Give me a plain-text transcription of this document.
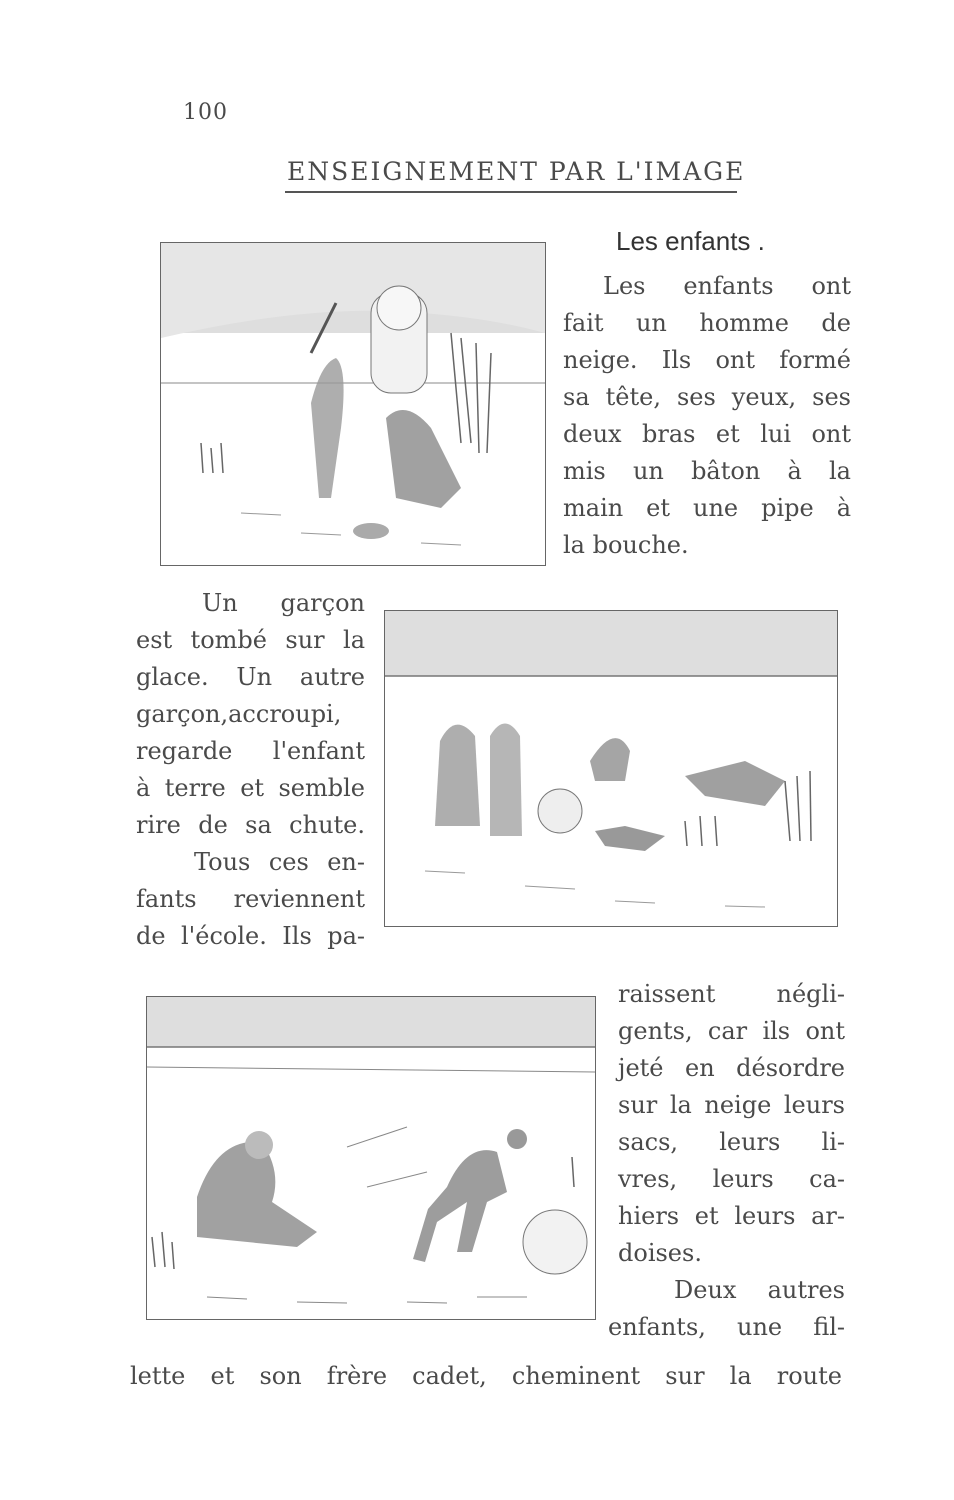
100
ENSEIGNEMENT PAR L'IMAGE
Les enfants .
Les enfants ont
fait un homme de
neige. Ils ont formé
sa tête, ses yeux, ses
deux bras et lui ont
mis un bâton à la
main et une pipe à
la bouche.
Un garçon
est tombé sur la
glace. Un autre
garçon,accroupi,
regarde l'enfant
à terre et semble
rire de sa chute.
Tous ces en-
fants reviennent
de l'école. Ils pa-
raissent négli-
gents, car ils ont
jeté en désordre
sur la neige leurs
sacs, leurs li-
vres, leurs ca-
hiers et leurs ar-
doises.
Deux autres
enfants, une fil-
lette et son frère cadet, cheminent sur la route
